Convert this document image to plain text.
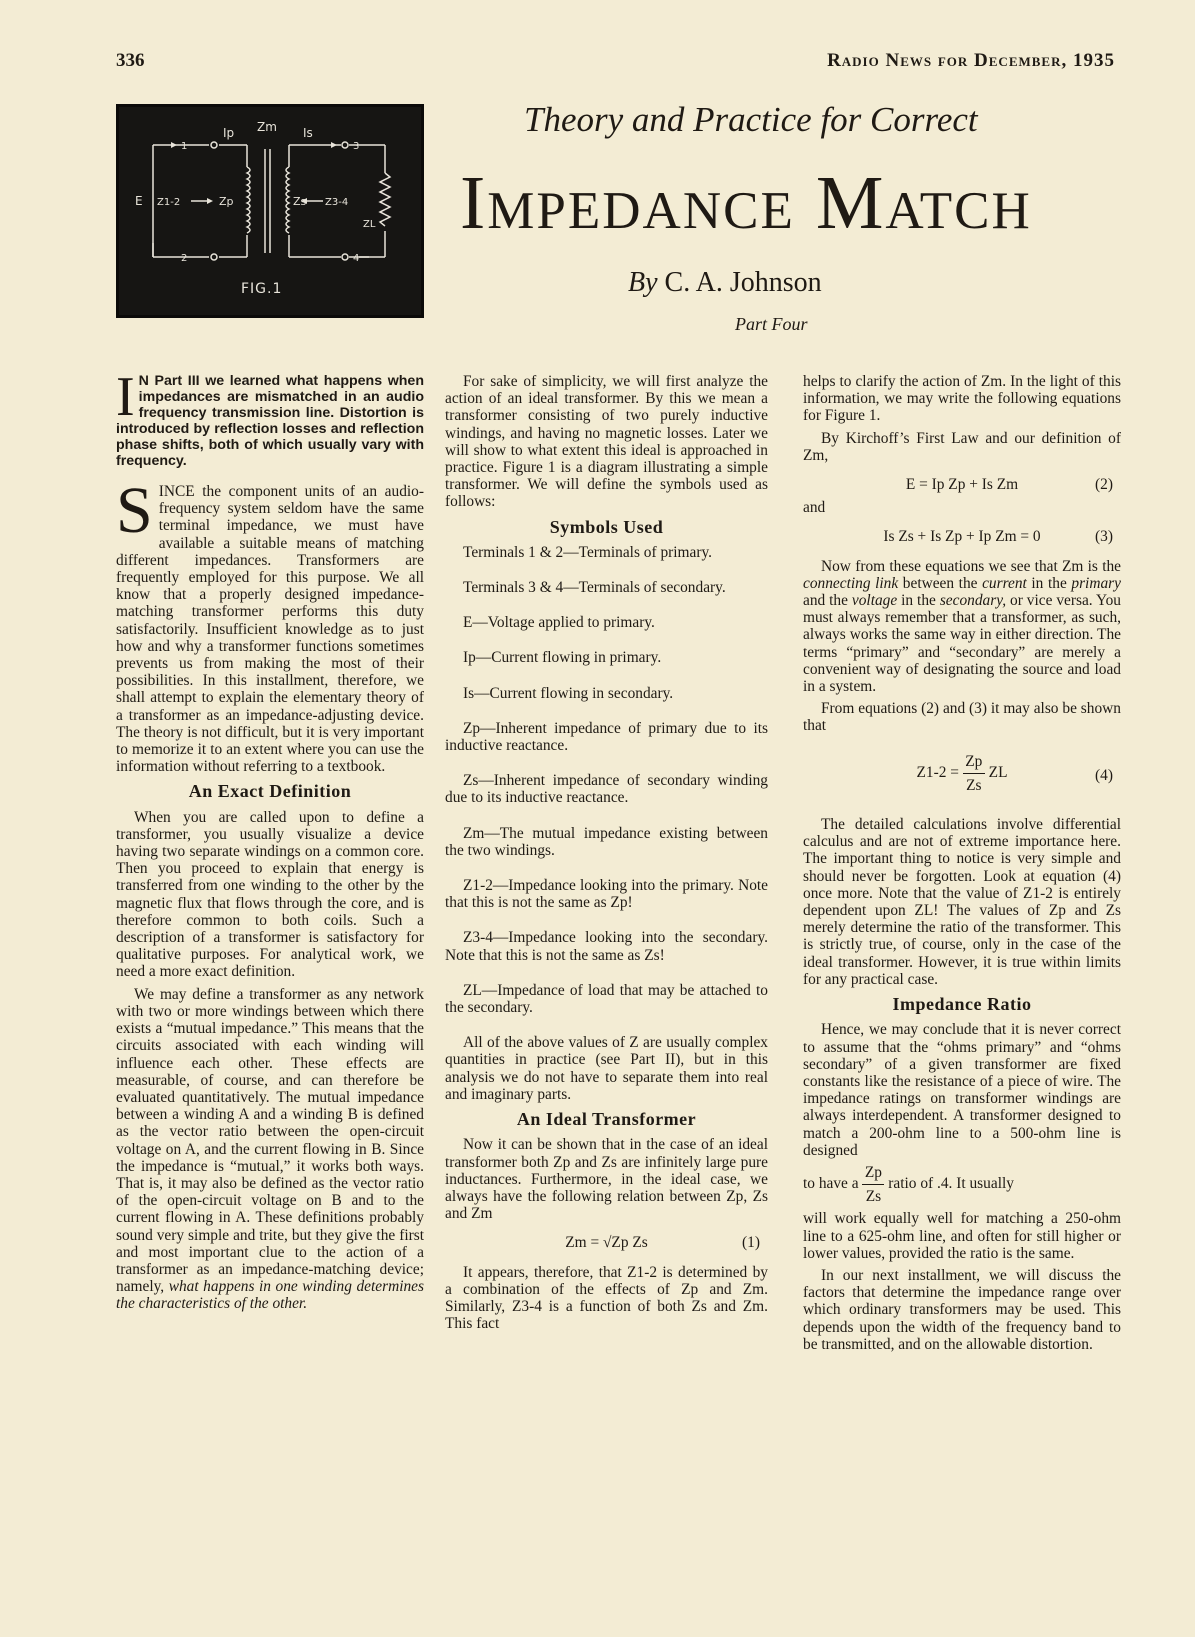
336	Radio News for December, 1935
Ip Zm Is
1
2
3
4
E Z1-2	Zp	Zs Z3-4
ZL
FIG.1
Theory and Practice for Correct
Impedance Match
By C. A. Johnson
Part Four

I N Part III we learned what happens when impedances are mismatched in an audio frequency transmission line. Distortion is introduced by reflection losses and reflection phase shifts, both of which usually vary with frequency.

SINCE the component units of an audio-frequency system seldom have the same terminal impedance, we must have available a suitable means of matching different impedances. Transformers are frequently employed for this purpose. We all know that a properly designed impedance-matching transformer performs this duty satisfactorily. Insufficient knowledge as to just how and why a transformer functions sometimes prevents us from making the most of their possibilities. In this installment, therefore, we shall attempt to explain the elementary theory of a transformer as an impedance-adjusting device. The theory is not difficult, but it is very important to memorize it to an extent where you can use the information without referring to a textbook.

An Exact Definition

When you are called upon to define a transformer, you usually visualize a device having two separate windings on a common core. Then you proceed to explain that energy is transferred from one winding to the other by the magnetic flux that flows through the core, and is therefore common to both coils. Such a description of a transformer is satisfactory for qualitative purposes. For analytical work, we need a more exact definition.

We may define a transformer as any network with two or more windings between which there exists a “mutual impedance.” This means that the circuits associated with each winding will influence each other. These effects are measurable, of course, and can therefore be evaluated quantitatively. The mutual impedance between a winding A and a winding B is defined as the vector ratio between the open-circuit voltage on A, and the current flowing in B. Since the impedance is “mutual,” it works both ways. That is, it may also be defined as the vector ratio of the open-circuit voltage on B and to the current flowing in A. These definitions probably sound very simple and trite, but they give the first and most important clue to the action of a transformer as an impedance-matching device; namely, what happens in one winding determines the characteristics of the other.

For sake of simplicity, we will first analyze the action of an ideal transformer. By this we mean a transformer consisting of two purely inductive windings, and having no magnetic losses. Later we will show to what extent this ideal is approached in practice. Figure 1 is a diagram illustrating a simple transformer. We will define the symbols used as follows:

Symbols Used

Terminals 1 & 2—Terminals of primary.

Terminals 3 & 4—Terminals of secondary.

E—Voltage applied to primary.

Ip—Current flowing in primary.

Is—Current flowing in secondary.

Zp—Inherent impedance of primary due to its inductive reactance.

Zs—Inherent impedance of secondary winding due to its inductive reactance.

Zm—The mutual impedance existing between the two windings.

Z1-2—Impedance looking into the primary. Note that this is not the same as Zp!

Z3-4—Impedance looking into the secondary. Note that this is not the same as Zs!

ZL—Impedance of load that may be attached to the secondary.

All of the above values of Z are usually complex quantities in practice (see Part II), but in this analysis we do not have to separate them into real and imaginary parts.

An Ideal Transformer

Now it can be shown that in the case of an ideal transformer both Zp and Zs are infinitely large pure inductances. Furthermore, in the ideal case, we always have the following relation between Zp, Zs and Zm

Zm = √Zp Zs	(1)

It appears, therefore, that Z1-2 is determined by a combination of the effects of Zp and Zm. Similarly, Z3-4 is a function of both Zs and Zm. This fact

helps to clarify the action of Zm. In the light of this information, we may write the following equations for Figure 1.

By Kirchoff’s First Law and our definition of Zm,

E = Ip Zp + Is Zm	(2)

and

Is Zs + Is Zp + Ip Zm = 0	(3)

Now from these equations we see that Zm is the connecting link between the current in the primary and the voltage in the secondary, or vice versa. You must always remember that a transformer, as such, always works the same way in either direction. The terms “primary” and “secondary” are merely a convenient way of designating the source and load in a system.

From equations (2) and (3) it may also be shown that

$Z1-2 = \frac{Zp}{Zs}$ ZL	(4)

The detailed calculations involve differential calculus and are not of extreme importance here. The important thing to notice is very simple and should never be forgotten. Look at equation (4) once more. Note that the value of Z1-2 is entirely dependent upon ZL! The values of Zp and Zs merely determine the ratio of the transformer. This is strictly true, of course, only in the case of the ideal transformer. However, it is true within limits for any practical case.

Impedance Ratio

Hence, we may conclude that it is never correct to assume that the “ohms primary” and “ohms secondary” of a given transformer are fixed constants like the resistance of a piece of wire. The impedance ratings on transformer windings are always interdependent. A transformer designed to match a 200-ohm line to a 500-ohm line is designed

to have a $\frac{Zp}{Zs}$ ratio of .4. It usually

will work equally well for matching a 250-ohm line to a 625-ohm line, and often for still higher or lower values, provided the ratio is the same.

In our next installment, we will discuss the factors that determine the impedance range over which ordinary transformers may be used. This depends upon the width of the frequency band to be transmitted, and on the allowable distortion.
